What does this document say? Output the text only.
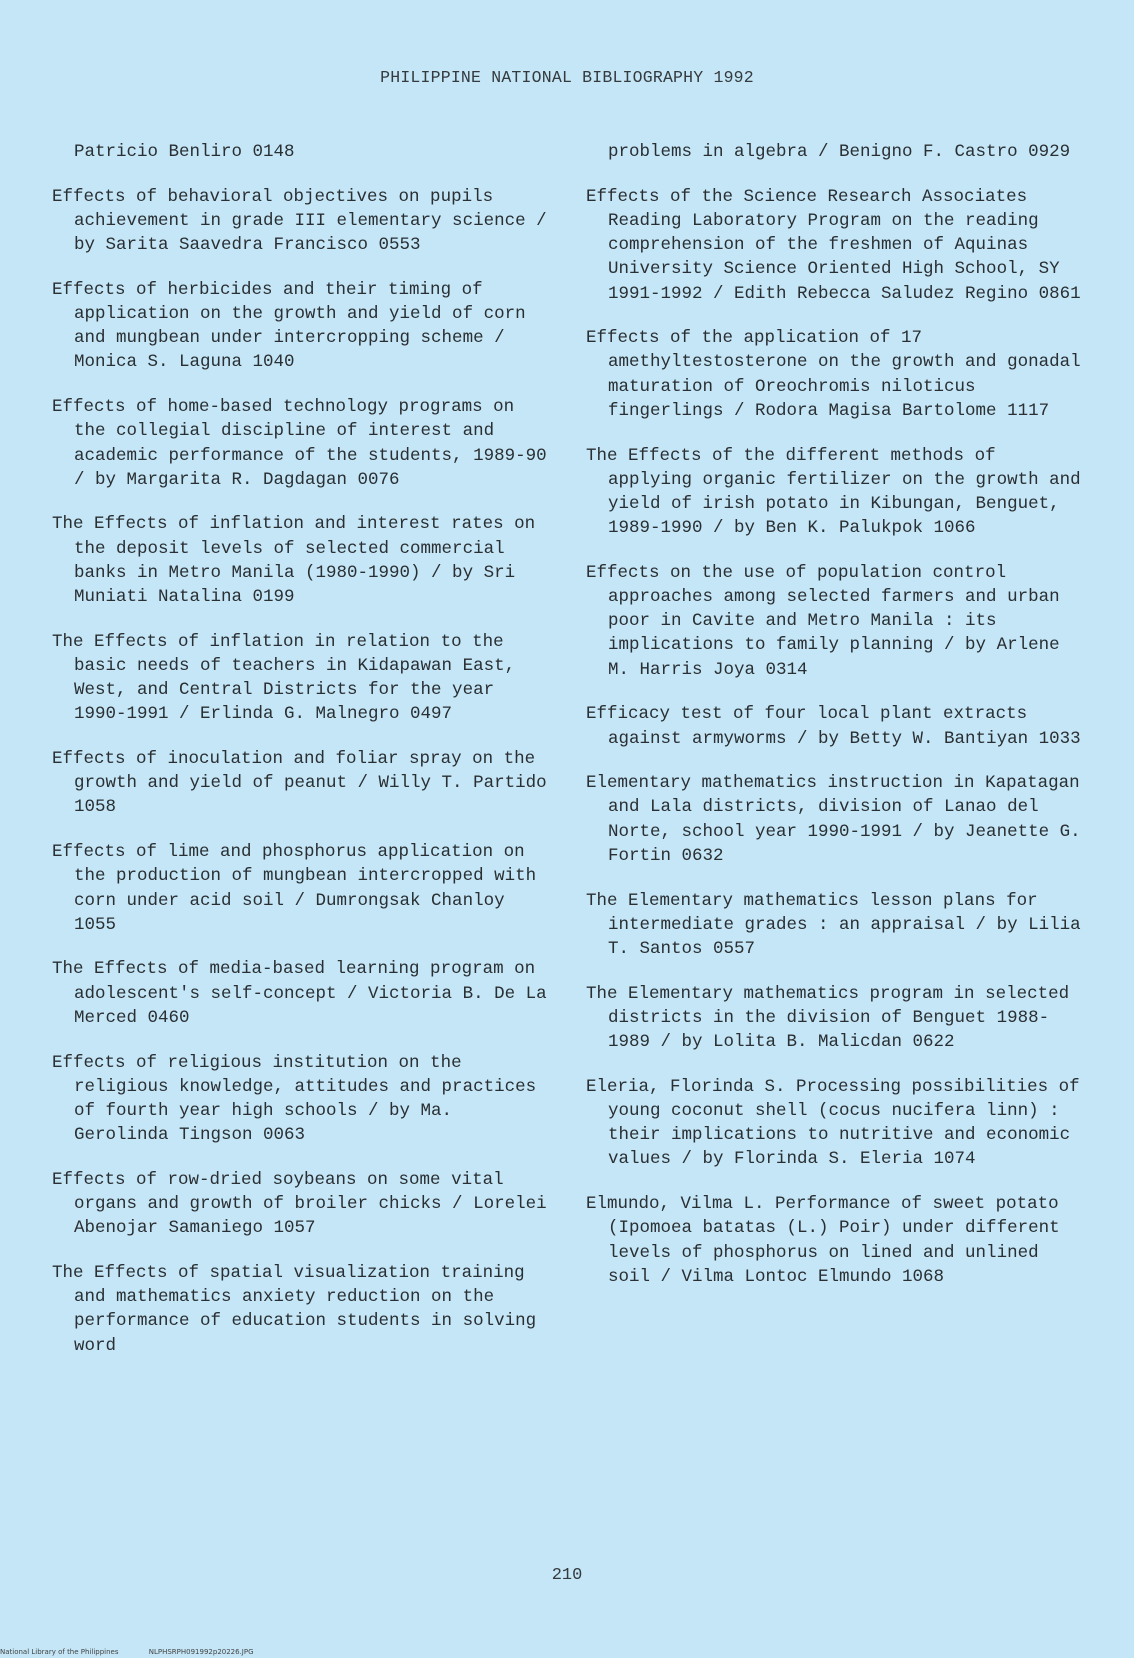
PHILIPPINE NATIONAL BIBLIOGRAPHY 1992
Patricio Benliro 0148
Effects of behavioral objectives on pupils achievement in grade III elementary science / by Sarita Saavedra Francisco 0553
Effects of herbicides and their timing of application on the growth and yield of corn and mungbean under intercropping scheme / Monica S. Laguna 1040
Effects of home-based technology programs on the collegial discipline of interest and academic performance of the students, 1989-90 / by Margarita R. Dagdagan 0076
The Effects of inflation and interest rates on the deposit levels of selected commercial banks in Metro Manila (1980-1990) / by Sri Muniati Natalina 0199
The Effects of inflation in relation to the basic needs of teachers in Kidapawan East, West, and Central Districts for the year 1990-1991 / Erlinda G. Malnegro 0497
Effects of inoculation and foliar spray on the growth and yield of peanut / Willy T. Partido 1058
Effects of lime and phosphorus application on the production of mungbean intercropped with corn under acid soil / Dumrongsak Chanloy 1055
The Effects of media-based learning program on adolescent's self-concept / Victoria B. De La Merced 0460
Effects of religious institution on the religious knowledge, attitudes and practices of fourth year high schools / by Ma. Gerolinda Tingson 0063
Effects of row-dried soybeans on some vital organs and growth of broiler chicks / Lorelei Abenojar Samaniego 1057
The Effects of spatial visualization training and mathematics anxiety reduction on the performance of education students in solving word
problems in algebra / Benigno F. Castro 0929
Effects of the Science Research Associates Reading Laboratory Program on the reading comprehension of the freshmen of Aquinas University Science Oriented High School, SY 1991-1992 / Edith Rebecca Saludez Regino 0861
Effects of the application of 17 amethyltestosterone on the growth and gonadal maturation of Oreochromis niloticus fingerlings / Rodora Magisa Bartolome 1117
The Effects of the different methods of applying organic fertilizer on the growth and yield of irish potato in Kibungan, Benguet, 1989-1990 / by Ben K. Palukpok 1066
Effects on the use of population control approaches among selected farmers and urban poor in Cavite and Metro Manila : its implications to family planning / by Arlene M. Harris Joya 0314
Efficacy test of four local plant extracts against armyworms / by Betty W. Bantiyan 1033
Elementary mathematics instruction in Kapatagan and Lala districts, division of Lanao del Norte, school year 1990-1991 / by Jeanette G. Fortin 0632
The Elementary mathematics lesson plans for intermediate grades : an appraisal / by Lilia T. Santos 0557
The Elementary mathematics program in selected districts in the division of Benguet 1988-1989 / by Lolita B. Malicdan 0622
Eleria, Florinda S. Processing possibilities of young coconut shell (cocus nucifera linn) : their implications to nutritive and economic values / by Florinda S. Eleria 1074
Elmundo, Vilma L. Performance of sweet potato (Ipomoea batatas (L.) Poir) under different levels of phosphorus on lined and unlined soil / Vilma Lontoc Elmundo 1068
210
National Library of the Philippines	NLPHSRPH091992p20226.JPG
